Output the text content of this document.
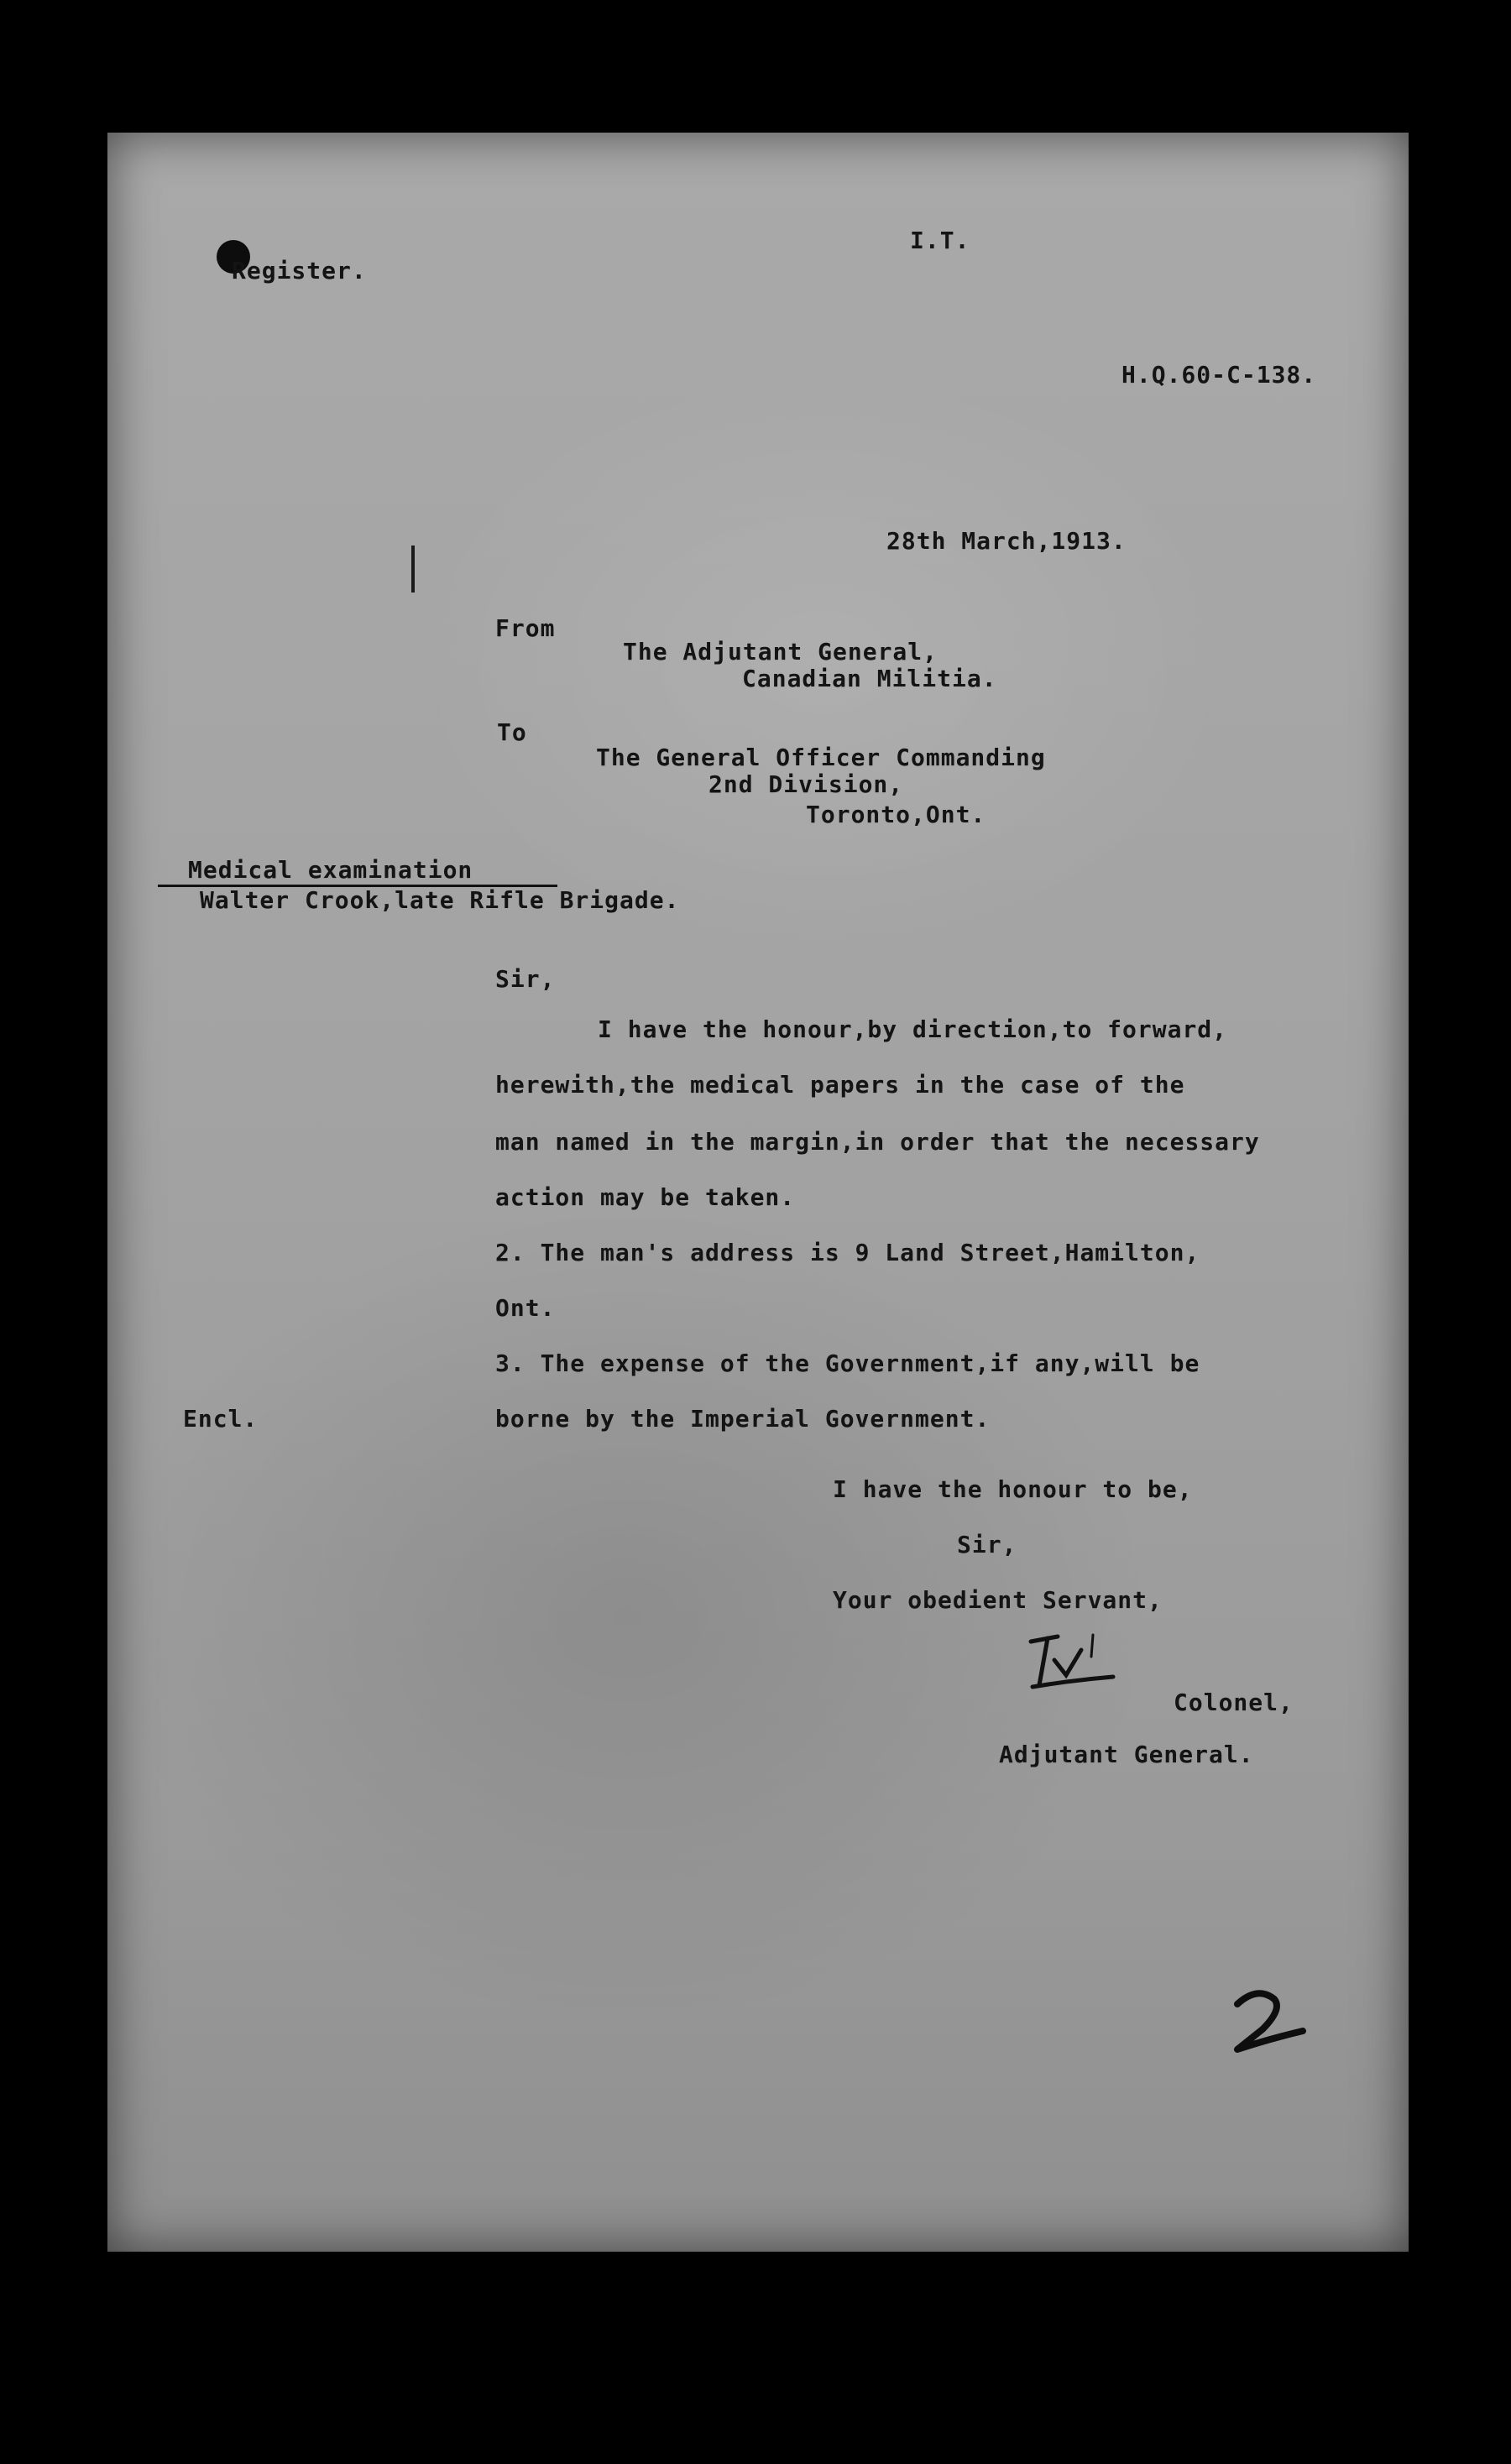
Register.
I.T.
H.Q.60-C-138.
28th March,1913.
From
The Adjutant General,
Canadian Militia.
To
The General Officer Commanding
2nd Division,
Toronto,Ont.
Medical examination
Walter Crook,late Rifle Brigade.
Sir,
I have the honour,by direction,to forward,
herewith,the medical papers in the case of the
man named in the margin,in order that the necessary
action may be taken.
2. The man's address is 9 Land Street,Hamilton,
Ont.
3. The expense of the Government,if any,will be
borne by the Imperial Government.
Encl.
I have the honour to be,
Sir,
Your obedient Servant,
Colonel,
Adjutant General.
